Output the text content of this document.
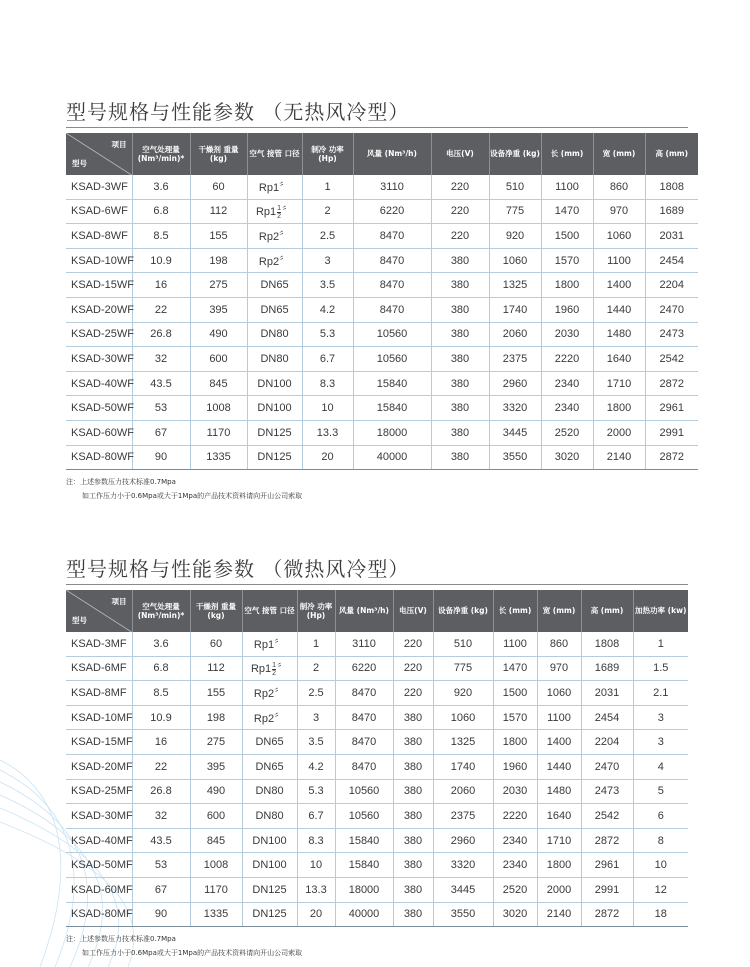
型号规格与性能参数 （无热风冷型）
项目
型号	空气处理量 (Nm³/min)*	干燥剂 重量(kg)	空气 接管 口径	制冷 功率 (Hp)	风量 (Nm³/h)	电压(V)	设备净重 (kg)	长 (mm)	宽 (mm)	高 (mm)
KSAD-3WF	3.6	60	Rp1〞	1	3110	220	510	1100	860	1808
KSAD-6WF	6.8	112	$Rp1 \frac{1}{2}$ 〞	2	6220	220	775	1470	970	1689
KSAD-8WF	8.5	155	Rp2〞	2.5	8470	220	920	1500	1060	2031
KSAD-10WF	10.9	198	Rp2〞	3	8470	380	1060	1570	1100	2454
KSAD-15WF	16	275	DN65	3.5	8470	380	1325	1800	1400	2204
KSAD-20WF	22	395	DN65	4.2	8470	380	1740	1960	1440	2470
KSAD-25WF	26.8	490	DN80	5.3	10560	380	2060	2030	1480	2473
KSAD-30WF	32	600	DN80	6.7	10560	380	2375	2220	1640	2542
KSAD-40WF	43.5	845	DN100	8.3	15840	380	2960	2340	1710	2872
KSAD-50WF	53	1008	DN100	10	15840	380	3320	2340	1800	2961
KSAD-60WF	67	1170	DN125	13.3	18000	380	3445	2520	2000	2991
KSAD-80WF	90	1335	DN125	20	40000	380	3550	3020	2140	2872
注：上述参数压力技术标准0.7Mpa
如工作压力小于0.6Mpa或大于1Mpa的产品技术资料请向开山公司索取
型号规格与性能参数 （微热风冷型）
项目
型号	空气处理量 (Nm³/min)*	干燥剂 重量(kg)	空气 接管 口径	制冷 功率 (Hp)	风量 (Nm³/h)	电压(V)	设备净重 (kg)	长 (mm)	宽 (mm)	高 (mm)	加热功率 (kw)
KSAD-3MF	3.6	60	Rp1〞	1	3110	220	510	1100	860	1808	1
KSAD-6MF	6.8	112	$Rp1 \frac{1}{2}$ 〞	2	6220	220	775	1470	970	1689	1.5
KSAD-8MF	8.5	155	Rp2〞	2.5	8470	220	920	1500	1060	2031	2.1
KSAD-10MF	10.9	198	Rp2〞	3	8470	380	1060	1570	1100	2454	3
KSAD-15MF	16	275	DN65	3.5	8470	380	1325	1800	1400	2204	3
KSAD-20MF	22	395	DN65	4.2	8470	380	1740	1960	1440	2470	4
KSAD-25MF	26.8	490	DN80	5.3	10560	380	2060	2030	1480	2473	5
KSAD-30MF	32	600	DN80	6.7	10560	380	2375	2220	1640	2542	6
KSAD-40MF	43.5	845	DN100	8.3	15840	380	2960	2340	1710	2872	8
KSAD-50MF	53	1008	DN100	10	15840	380	3320	2340	1800	2961	10
KSAD-60MF	67	1170	DN125	13.3	18000	380	3445	2520	2000	2991	12
KSAD-80MF	90	1335	DN125	20	40000	380	3550	3020	2140	2872	18
注：上述参数压力技术标准0.7Mpa
如工作压力小于0.6Mpa或大于1Mpa的产品技术资料请向开山公司索取
